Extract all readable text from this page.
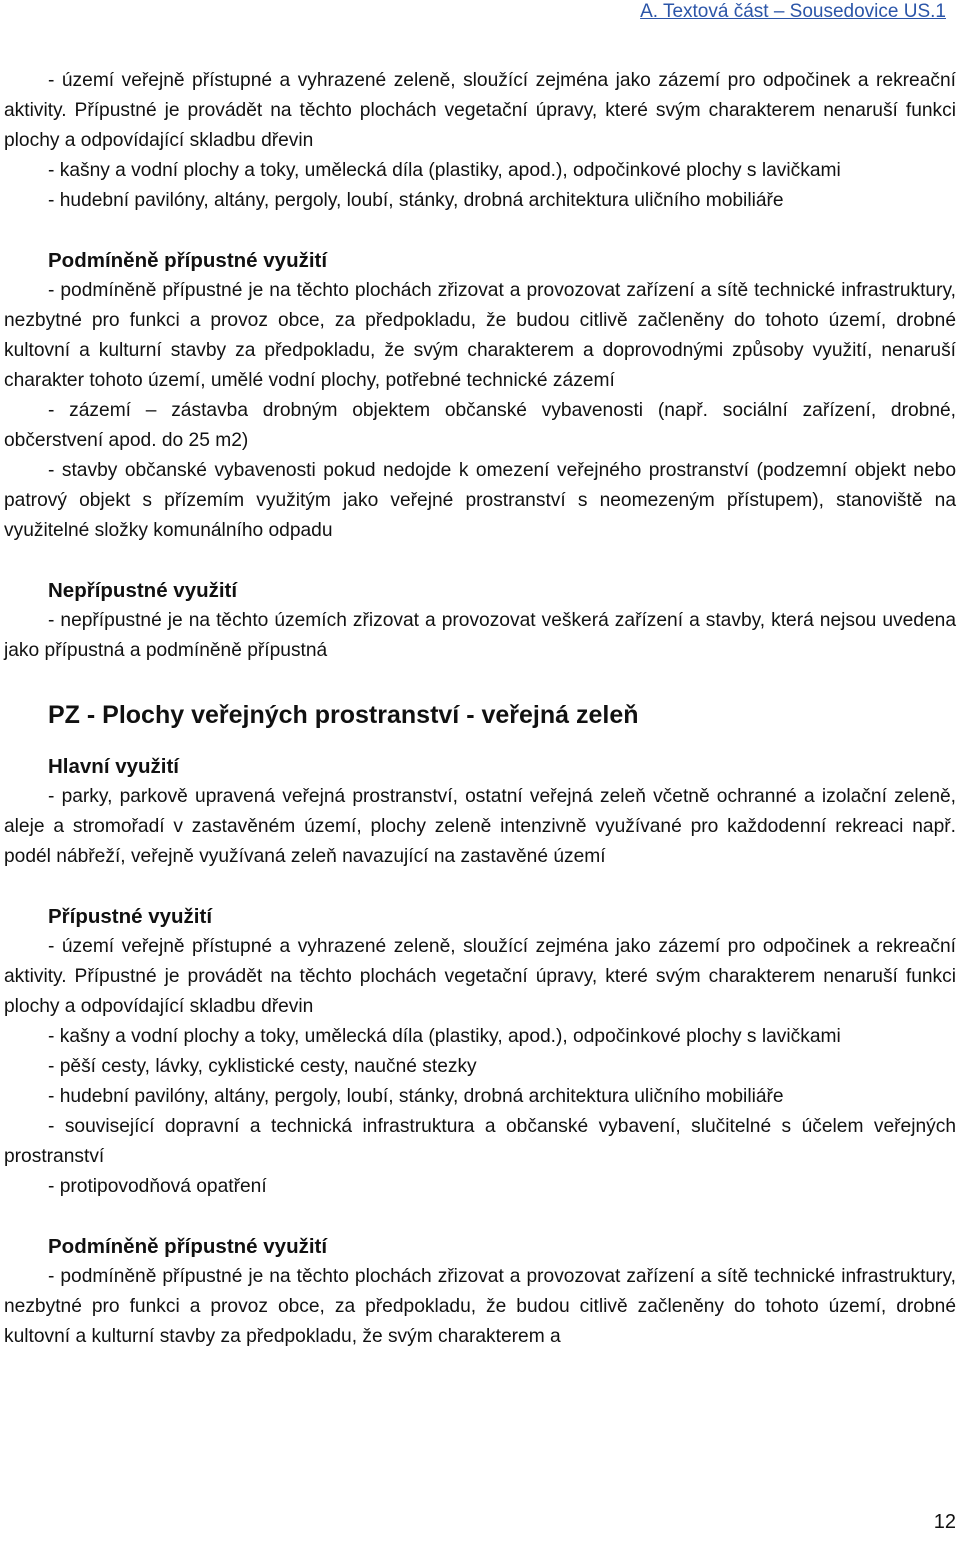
A. Textová část – Sousedovice US.1

- území veřejně přístupné a vyhrazené zeleně, sloužící zejména jako zázemí pro odpočinek a rekreační aktivity. Přípustné je provádět na těchto plochách vegetační úpravy, které svým charakterem nenaruší funkci plochy a odpovídající skladbu dřevin

- kašny a vodní plochy a toky, umělecká díla (plastiky, apod.), odpočinkové plochy s lavičkami

- hudební pavilóny, altány, pergoly, loubí, stánky, drobná architektura uličního mobiliáře

Podmíněně přípustné využití

- podmíněně přípustné je na těchto plochách zřizovat a provozovat zařízení a sítě technické infrastruktury, nezbytné pro funkci a provoz obce, za předpokladu, že budou citlivě začleněny do tohoto území, drobné kultovní a kulturní stavby za předpokladu, že svým charakterem a doprovodnými způsoby využití, nenaruší charakter tohoto území, umělé vodní plochy, potřebné technické zázemí

- zázemí – zástavba drobným objektem občanské vybavenosti (např. sociální zařízení, drobné, občerstvení apod. do 25 m2)

- stavby občanské vybavenosti pokud nedojde k omezení veřejného prostranství (podzemní objekt nebo patrový objekt s přízemím využitým jako veřejné prostranství s neomezeným přístupem), stanoviště na využitelné složky komunálního odpadu

Nepřípustné využití

- nepřípustné je na těchto územích zřizovat a provozovat veškerá zařízení a stavby, která nejsou uvedena jako přípustná a podmíněně přípustná

PZ - Plochy veřejných prostranství - veřejná zeleň
Hlavní využití

- parky, parkově upravená veřejná prostranství, ostatní veřejná zeleň včetně ochranné a izolační zeleně, aleje a stromořadí v zastavěném území, plochy zeleně intenzivně využívané pro každodenní rekreaci např. podél nábřeží, veřejně využívaná zeleň navazující na zastavěné území

Přípustné využití

- území veřejně přístupné a vyhrazené zeleně, sloužící zejména jako zázemí pro odpočinek a rekreační aktivity. Přípustné je provádět na těchto plochách vegetační úpravy, které svým charakterem nenaruší funkci plochy a odpovídající skladbu dřevin

- kašny a vodní plochy a toky, umělecká díla (plastiky, apod.), odpočinkové plochy s lavičkami

- pěší cesty, lávky, cyklistické cesty, naučné stezky

- hudební pavilóny, altány, pergoly, loubí, stánky, drobná architektura uličního mobiliáře

- související dopravní a technická infrastruktura a občanské vybavení, slučitelné s účelem veřejných prostranství

- protipovodňová opatření

Podmíněně přípustné využití

- podmíněně přípustné je na těchto plochách zřizovat a provozovat zařízení a sítě technické infrastruktury, nezbytné pro funkci a provoz obce, za předpokladu, že budou citlivě začleněny do tohoto území, drobné kultovní a kulturní stavby za předpokladu, že svým charakterem a

12
